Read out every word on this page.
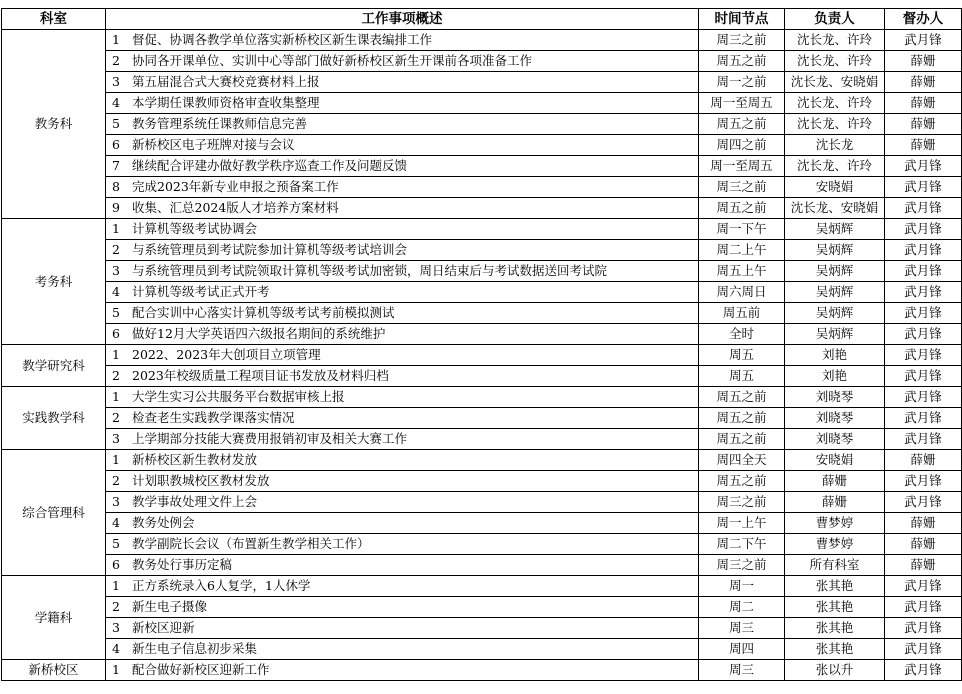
科室	工作事项概述	时间节点	负责人	督办人
教务科	1 督促、协调各教学单位落实新桥校区新生课表编排工作	周三之前	沈长龙、许玲	武月锋
	2 协同各开课单位、实训中心等部门做好新桥校区新生开课前各项准备工作	周五之前	沈长龙、许玲	薛姗
	3 第五届混合式大赛校竞赛材料上报	周一之前	沈长龙、安晓娟	薛姗
	4 本学期任课教师资格审查收集整理	周一至周五	沈长龙、许玲	薛姗
	5 教务管理系统任课教师信息完善	周五之前	沈长龙、许玲	薛姗
	6 新桥校区电子班牌对接与会议	周四之前	沈长龙	薛姗
	7 继续配合评建办做好教学秩序巡查工作及问题反馈	周一至周五	沈长龙、许玲	武月锋
	8 完成2023年新专业申报之预备案工作	周三之前	安晓娟	武月锋
	9 收集、汇总2024版人才培养方案材料	周五之前	沈长龙、安晓娟	武月锋
考务科	1 计算机等级考试协调会	周一下午	吴炳辉	武月锋
	2 与系统管理员到考试院参加计算机等级考试培训会	周二上午	吴炳辉	武月锋
	3 与系统管理员到考试院领取计算机等级考试加密锁，周日结束后与考试数据送回考试院	周五上午	吴炳辉	武月锋
	4 计算机等级考试正式开考	周六周日	吴炳辉	武月锋
	5 配合实训中心落实计算机等级考试考前模拟测试	周五前	吴炳辉	武月锋
	6 做好12月大学英语四六级报名期间的系统维护	全时	吴炳辉	武月锋
教学研究科	1 2022、2023年大创项目立项管理	周五	刘艳	武月锋
	2 2023年校级质量工程项目证书发放及材料归档	周五	刘艳	武月锋
实践教学科	1 大学生实习公共服务平台数据审核上报	周五之前	刘晓琴	武月锋
	2 检查老生实践教学课落实情况	周五之前	刘晓琴	武月锋
	3 上学期部分技能大赛费用报销初审及相关大赛工作	周五之前	刘晓琴	武月锋
综合管理科	1 新桥校区新生教材发放	周四全天	安晓娟	薛姗
	2 计划职教城校区教材发放	周五之前	薛姗	武月锋
	3 教学事故处理文件上会	周三之前	薛姗	武月锋
	4 教务处例会	周一上午	曹梦婷	薛姗
	5 教学副院长会议（布置新生教学相关工作）	周二下午	曹梦婷	薛姗
	6 教务处行事历定稿	周三之前	所有科室	薛姗
学籍科	1 正方系统录入6人复学，1人休学	周一	张其艳	武月锋
	2 新生电子摄像	周二	张其艳	武月锋
	3 新校区迎新	周三	张其艳	武月锋
	4 新生电子信息初步采集	周四	张其艳	武月锋
新桥校区	1 配合做好新校区迎新工作	周三	张以升	武月锋
